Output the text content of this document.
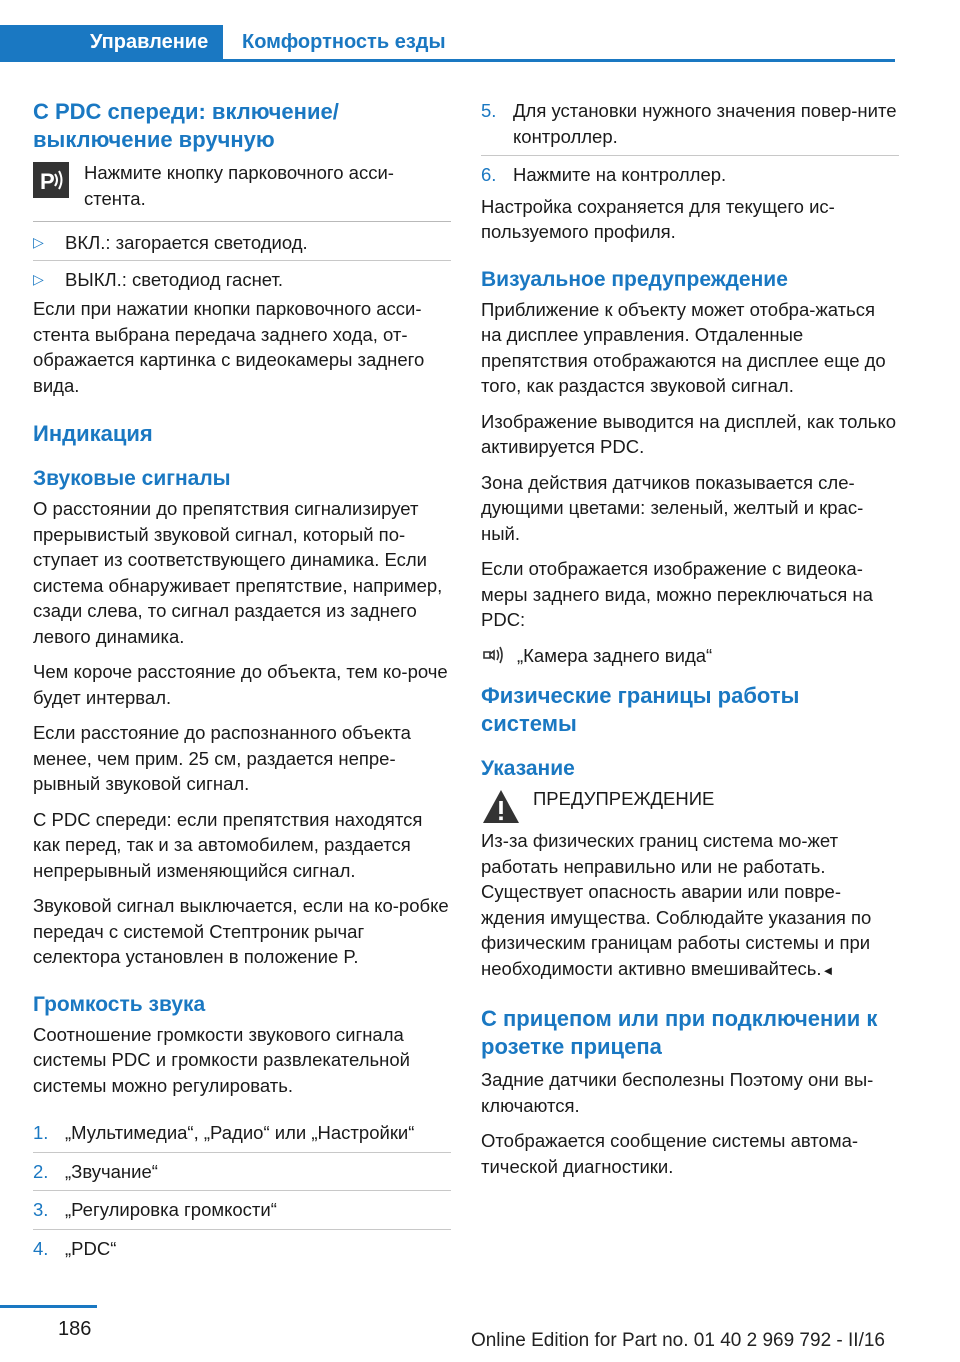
Управление	Комфортность езды
С PDC спереди: включение/ выключение вручную
P Нажмите кнопку парковочного асси-стента.
▷	ВКЛ.: загорается светодиод.
▷	ВЫКЛ.: светодиод гаснет.

Если при нажатии кнопки парковочного асси-стента выбрана передача заднего хода, от-ображается картинка с видеокамеры заднего вида.

Индикация
Звуковые сигналы

О расстоянии до препятствия сигнализирует прерывистый звуковой сигнал, который по-ступает из соответствующего динамика. Если система обнаруживает препятствие, например, сзади слева, то сигнал раздается из заднего левого динамика.

Чем короче расстояние до объекта, тем ко-роче будет интервал.

Если расстояние до распознанного объекта менее, чем прим. 25 см, раздается непре-рывный звуковой сигнал.

С PDC спереди: если препятствия находятся как перед, так и за автомобилем, раздается непрерывный изменяющийся сигнал.

Звуковой сигнал выключается, если на ко-робке передач с системой Стептроник рычаг селектора установлен в положение P.

Громкость звука

Соотношение громкости звукового сигнала системы PDC и громкости развлекательной системы можно регулировать.

1. „Мультимедиа“, „Радио“ или „Настройки“
2. „Звучание“
3. „Регулировка громкости“
4. „PDC“
5. Для установки нужного значения повер-ните контроллер.
6. Нажмите на контроллер.

Настройка сохраняется для текущего ис-пользуемого профиля.

Визуальное предупреждение

Приближение к объекту может отобра-жаться на дисплее управления. Отдаленные препятствия отображаются на дисплее еще до того, как раздастся звуковой сигнал.

Изображение выводится на дисплей, как только активируется PDC.

Зона действия датчиков показывается сле-дующими цветами: зеленый, желтый и крас-ный.

Если отображается изображение с видеока-меры заднего вида, можно переключаться на PDC:

„Камера заднего вида“
Физические границы работы системы
Указание
ПРЕДУПРЕЖДЕНИЕ

Из-за физических границ система мо-жет работать неправильно или не работать. Существует опасность аварии или повре-ждения имущества. Соблюдайте указания по физическим границам работы системы и при необходимости активно вмешивайтесь.◄

С прицепом или при подключении к розетке прицепа

Задние датчики бесполезны Поэтому они вы-ключаются.

Отображается сообщение системы автома-тической диагностики.

186
Online Edition for Part no. 01 40 2 969 792 - II/16
